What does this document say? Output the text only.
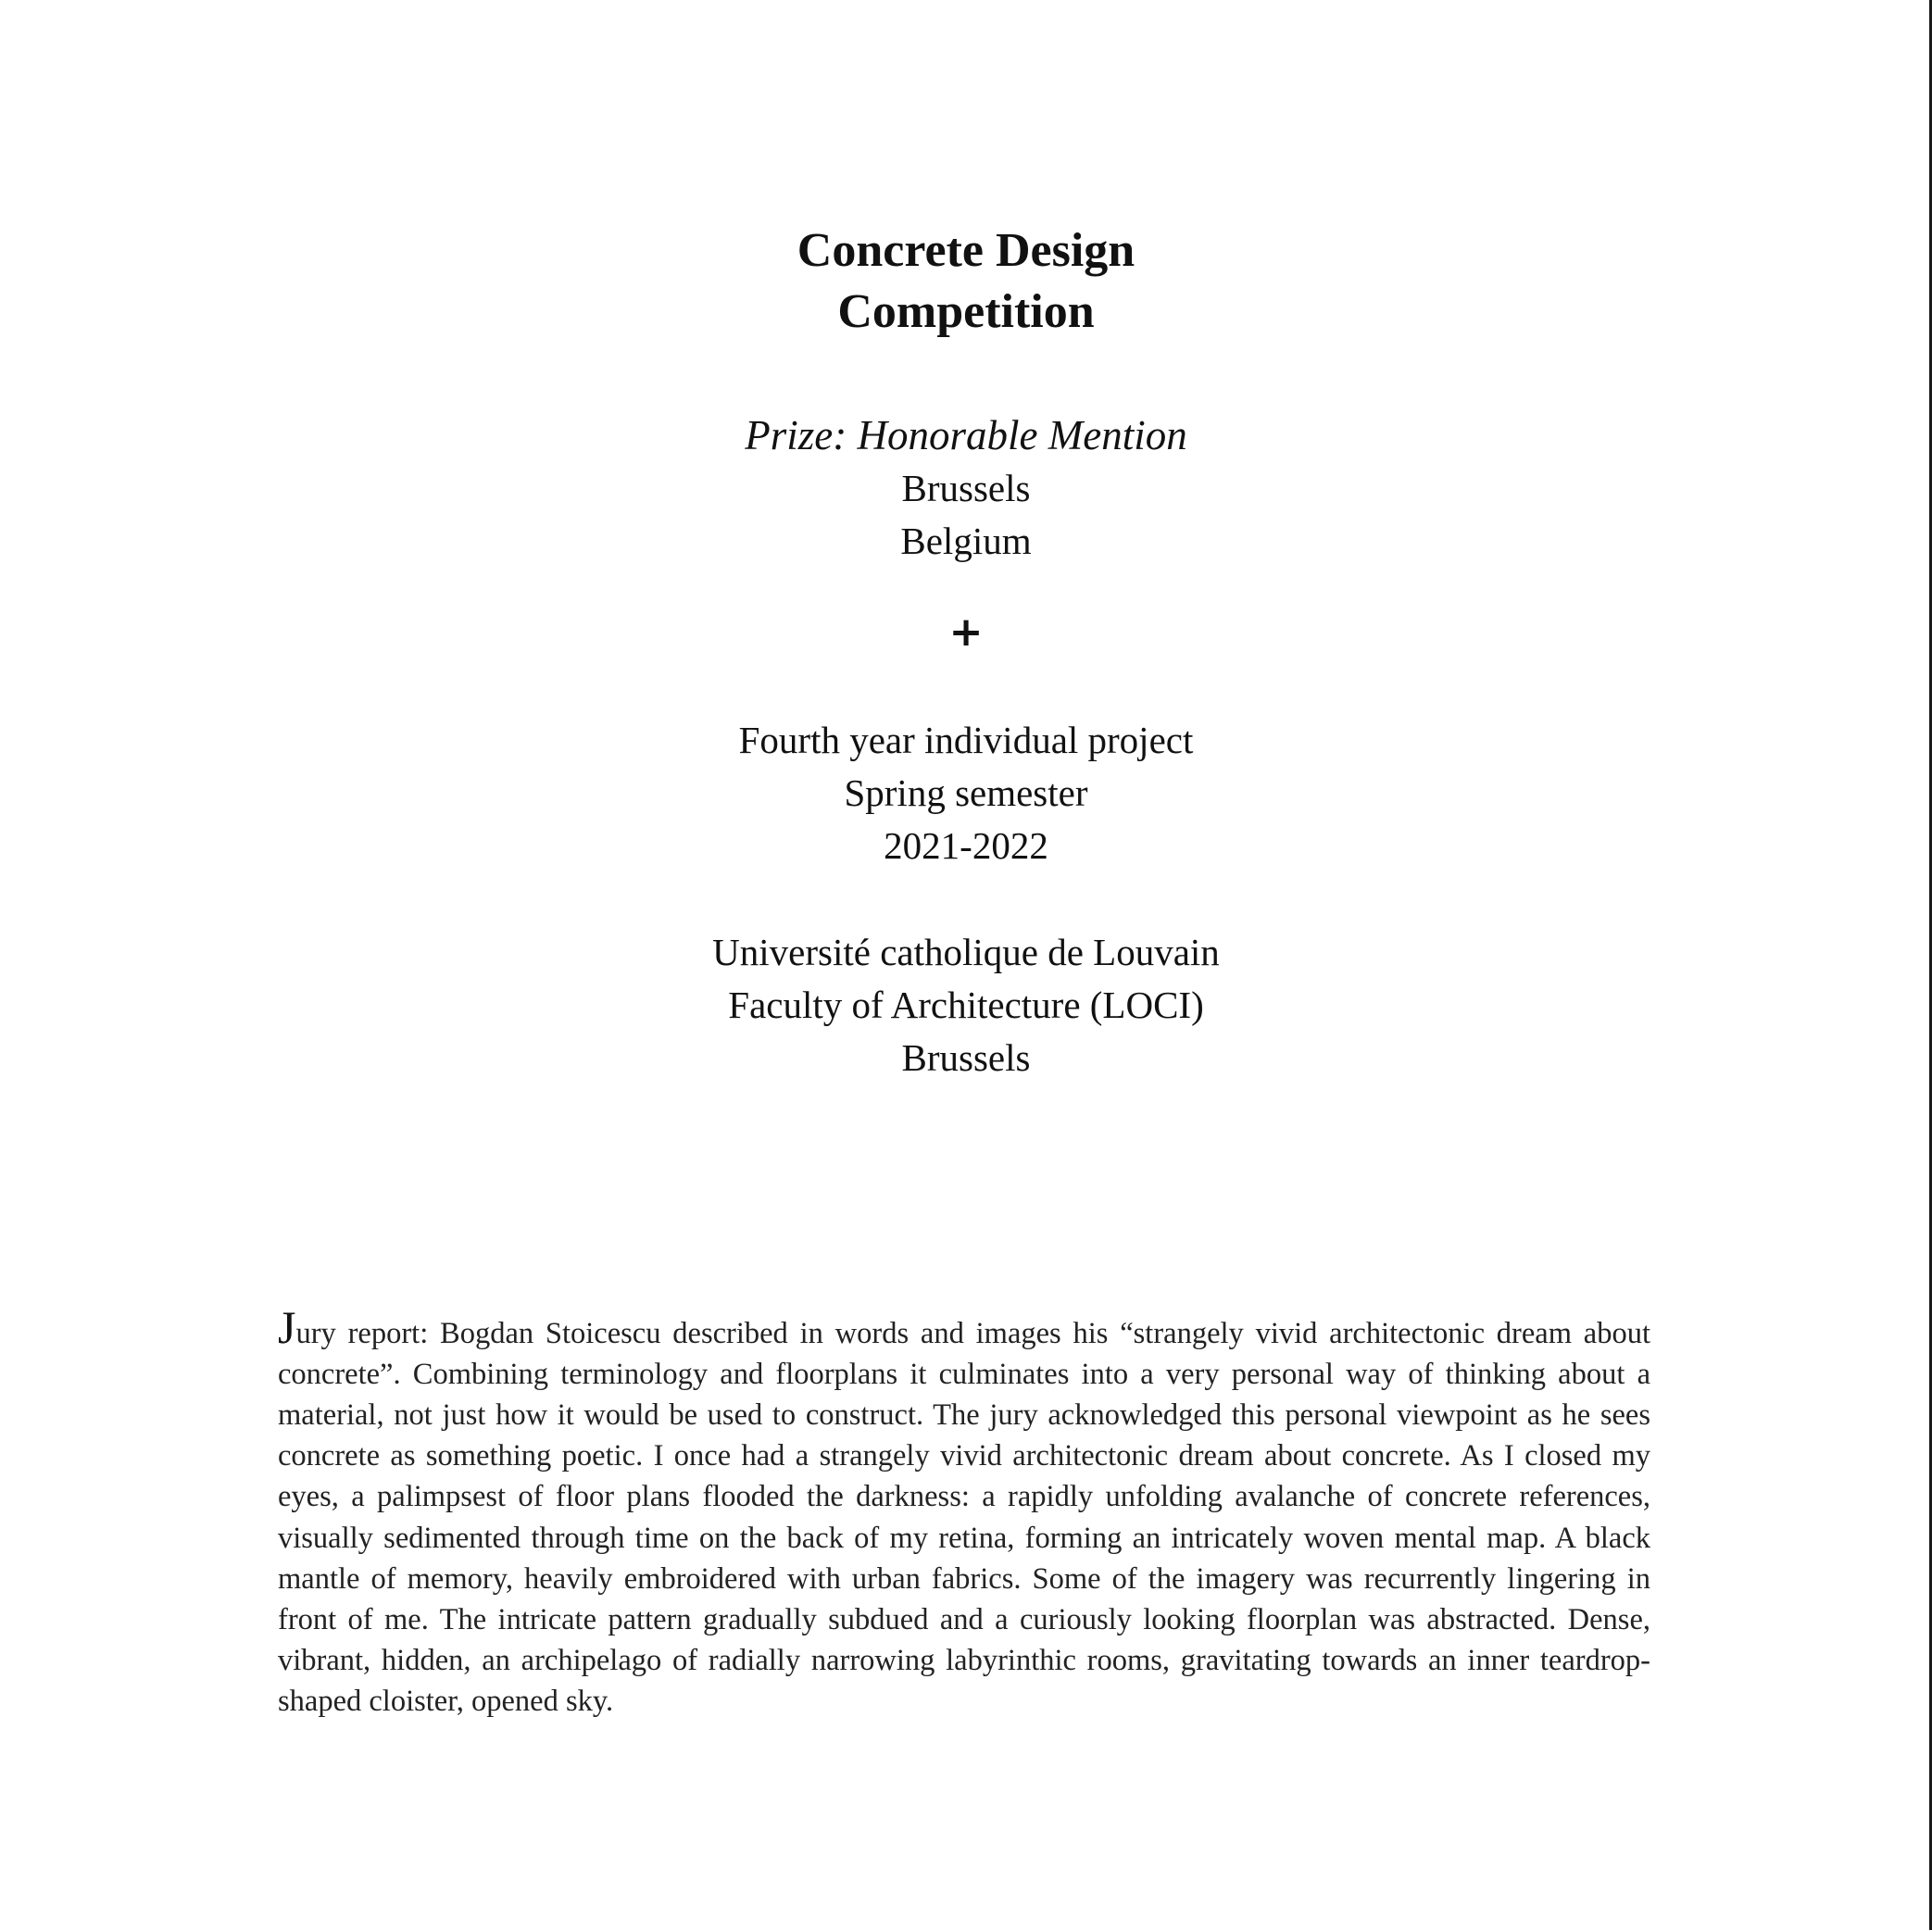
Concrete Design
Competition
Prize: Honorable Mention
Brussels
Belgium
+
Fourth year individual project
Spring semester
2021-2022
Université catholique de Louvain
Faculty of Architecture (LOCI)
Brussels

Jury report: Bogdan Stoicescu described in words and images his “strangely vivid architectonic dream about concrete”. Combining terminology and floorplans it culminates into a very personal way of thinking about a material, not just how it would be used to construct. The jury acknowledged this personal viewpoint as he sees concrete as something poetic. I once had a strangely vivid architectonic dream about concrete. As I closed my eyes, a palimpsest of floor plans flooded the darkness: a rapidly unfolding avalanche of concrete references, visually sedimented through time on the back of my retina, forming an intricately woven mental map. A black mantle of memory, heavily embroidered with urban fabrics. Some of the imagery was recurrently lingering in front of me. The intricate pattern gradually subdued and a curiously looking floorplan was abstracted. Dense, vibrant, hidden, an archipelago of radially narrowing labyrinthic rooms, gravitating towards an inner teardrop-shaped cloister, opened sky.
